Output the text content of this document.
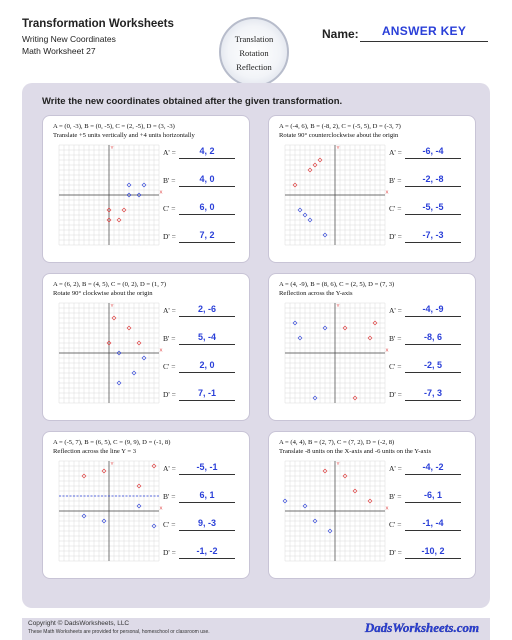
Transformation Worksheets
Writing New Coordinates
Math Worksheet 27
Translation
Rotation
Reflection
Name:	ANSWER KEY
Write the new coordinates obtained after the given transformation.
A = (0, -3), B = (0, -5), C = (2, -5), D = (3, -3)
Translate +5 units vertically and +4 units horizontally
X
Y
A' =	4, 2
B' =	4, 0
C' =	6, 0
D' =	7, 2
A = (-4, 6), B = (-8, 2), C = (-5, 5), D = (-3, 7)
Rotate 90° counterclockwise about the origin
X
Y
A' =	-6, -4
B' =	-2, -8
C' =	-5, -5
D' =	-7, -3
A = (6, 2), B = (4, 5), C = (0, 2), D = (1, 7)
Rotate 90° clockwise about the origin
X
Y
A' =	2, -6
B' =	5, -4
C' =	2, 0
D' =	7, -1
A = (4, -9), B = (8, 6), C = (2, 5), D = (7, 3)
Reflection across the Y-axis
X
Y
A' =	-4, -9
B' =	-8, 6
C' =	-2, 5
D' =	-7, 3
A = (-5, 7), B = (6, 5), C = (9, 9), D = (-1, 8)
Reflection across the line Y = 3
X
Y
A' =	-5, -1
B' =	6, 1
C' =	9, -3
D' =	-1, -2
A = (4, 4), B = (2, 7), C = (7, 2), D = (-2, 8)
Translate -8 units on the X-axis and -6 units on the Y-axis
X
Y
A' =	-4, -2
B' =	-6, 1
C' =	-1, -4
D' =	-10, 2
Copyright © DadsWorksheets, LLC
These Math Worksheets are provided for personal, homeschool or classroom use.	DadsWorksheets.com
